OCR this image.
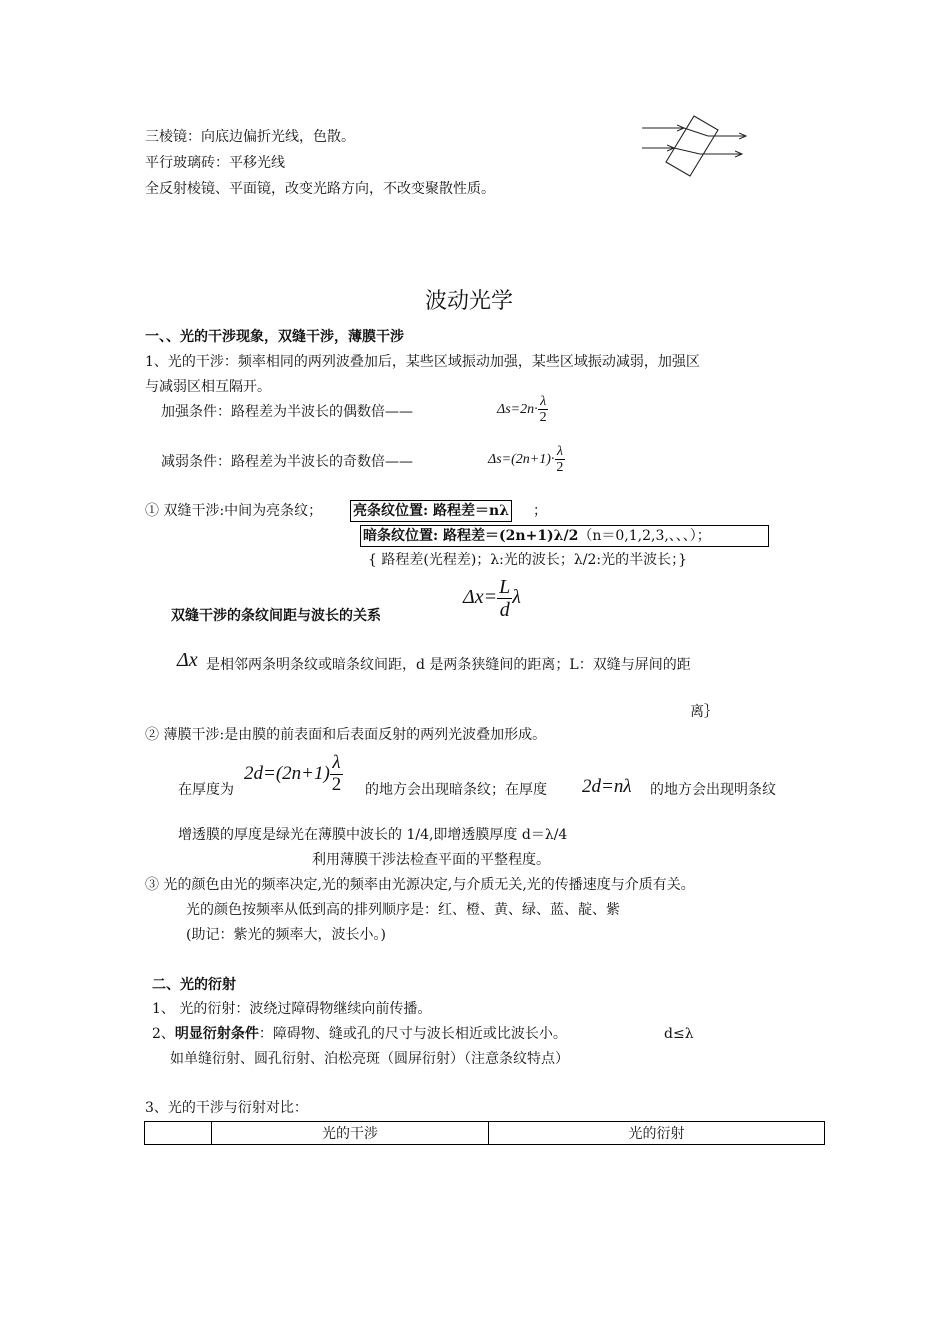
三棱镜：向底边偏折光线，色散。
平行玻璃砖：平移光线
全反射棱镜、平面镜，改变光路方向，不改变聚散性质。
波动光学
一、、光的干涉现象，双缝干涉，薄膜干涉
1、光的干涉：频率相同的两列波叠加后，某些区域振动加强，某些区域振动减弱，加强区
与减弱区相互隔开。
加强条件：路程差为半波长的偶数倍——	$\Delta s=2n\cdot \frac{\lambda}{2}$
减弱条件：路程差为半波长的奇数倍——	$\Delta s=(2n+1)\cdot \frac{\lambda}{2}$
① 双缝干涉:中间为亮条纹； 亮条纹位置: 路程差＝nλ ；
暗条纹位置: 路程差＝(2n+1)λ/2（n＝0,1,2,3,、、、）；
{ 路程差(光程差)；λ:光的波长；λ/2:光的半波长；}
双缝干涉的条纹间距与波长的关系
$\Delta x= \frac{L}{d}$ λ
Δx 是相邻两条明条纹或暗条纹间距，d 是两条狭缝间的距离；L：双缝与屏间的距
离｝
② 薄膜干涉:是由膜的前表面和后表面反射的两列光波叠加形成。
在厚度为
$2d=(2n+1) \frac{\lambda}{2}$ 的地方会出现暗条纹；在厚度 2d=nλ 的地方会出现明条纹
增透膜的厚度是绿光在薄膜中波长的 1/4,即增透膜厚度 d＝λ/4
利用薄膜干涉法检查平面的平整程度。
③ 光的颜色由光的频率决定,光的频率由光源决定,与介质无关,光的传播速度与介质有关。
光的颜色按频率从低到高的排列顺序是：红、橙、黄、绿、蓝、靛、紫
(助记：紫光的频率大，波长小。)
二、光的衍射
1、 光的衍射：波绕过障碍物继续向前传播。
2、明显衍射条件：障碍物、缝或孔的尺寸与波长相近或比波长小。	d≤λ
如单缝衍射、圆孔衍射、泊松亮斑（圆屏衍射）（注意条纹特点）
3、光的干涉与衍射对比：
	光的干涉	光的衍射
